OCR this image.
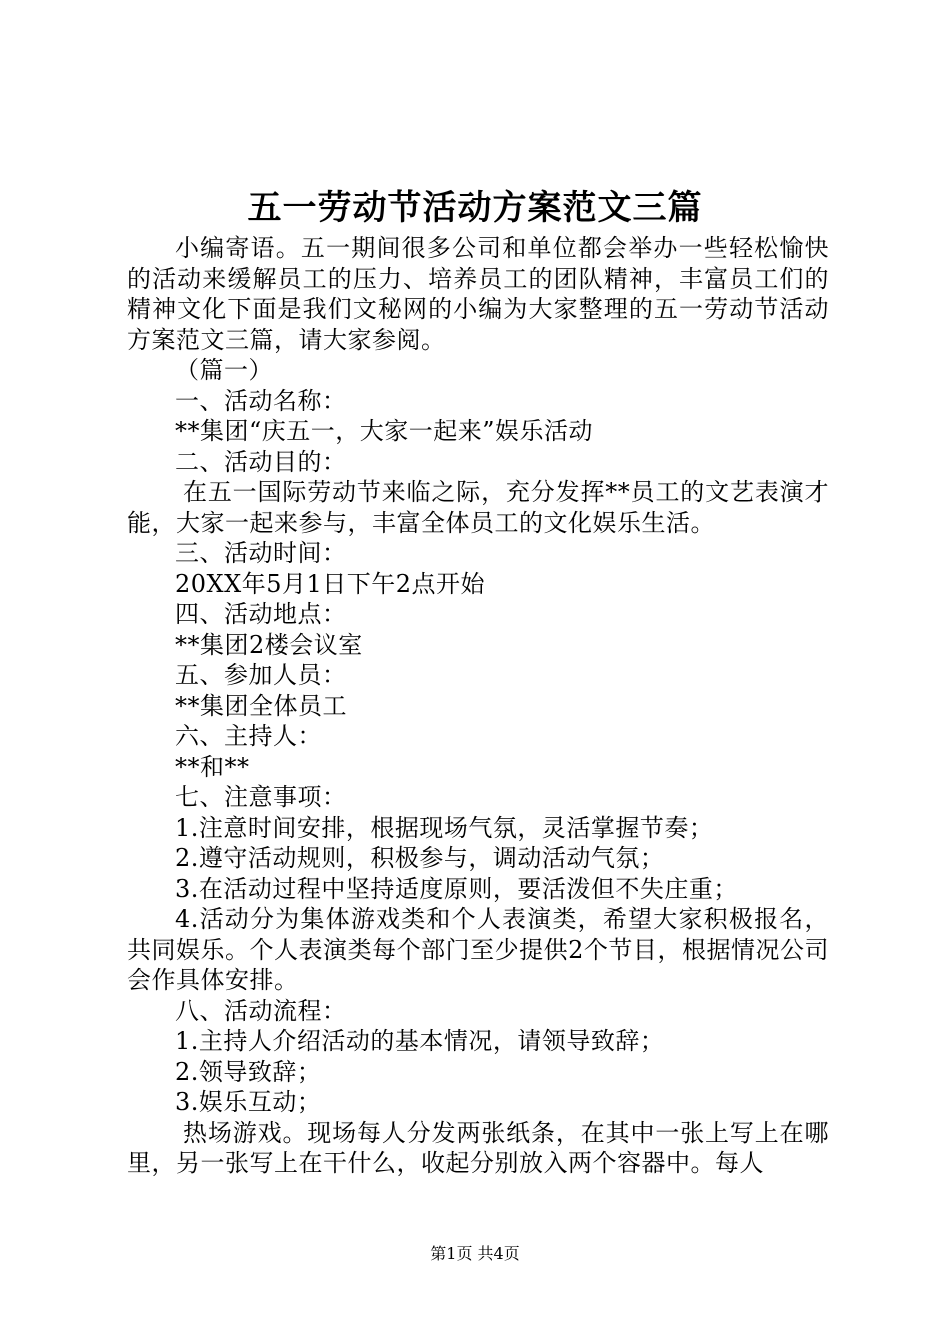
五一劳动节活动方案范文三篇

小编寄语。五一期间很多公司和单位都会举办一些轻松愉快的活动来缓解员工的压力、培养员工的团队精神，丰富员工们的精神文化下面是我们文秘网的小编为大家整理的五一劳动节活动方案范文三篇，请大家参阅。

（篇一）

一、活动名称：

**集团“庆五一，大家一起来”娱乐活动

二、活动目的：

在五一国际劳动节来临之际，充分发挥**员工的文艺表演才能，大家一起来参与，丰富全体员工的文化娱乐生活。

三、活动时间：

20XX年5月1日下午2点开始

四、活动地点：

**集团2楼会议室

五、参加人员：

**集团全体员工

六、主持人：

**和**

七、注意事项：

1.注意时间安排，根据现场气氛，灵活掌握节奏；

2.遵守活动规则，积极参与，调动活动气氛；

3.在活动过程中坚持适度原则，要活泼但不失庄重；

4.活动分为集体游戏类和个人表演类，希望大家积极报名，共同娱乐。个人表演类每个部门至少提供2个节目，根据情况公司会作具体安排。

八、活动流程：

1.主持人介绍活动的基本情况，请领导致辞；

2.领导致辞；

3.娱乐互动；

热场游戏。现场每人分发两张纸条，在其中一张上写上在哪里，另一张写上在干什么，收起分别放入两个容器中。每人

第1页 共4页
